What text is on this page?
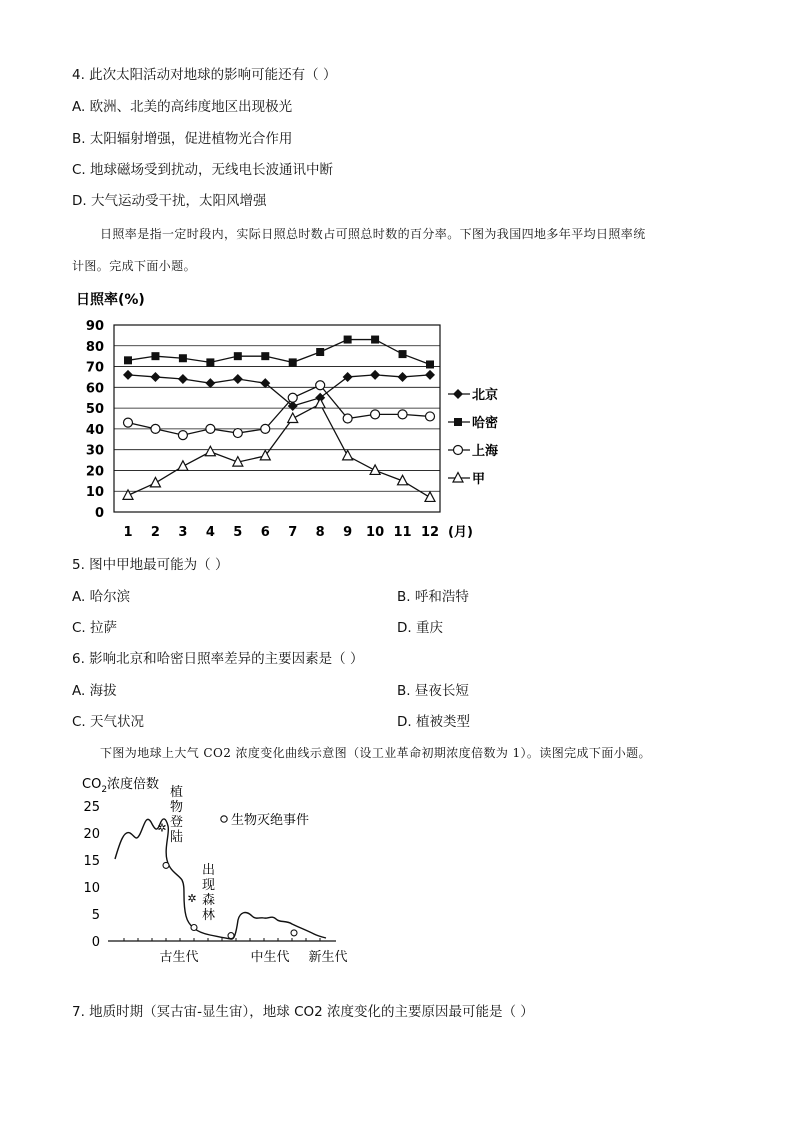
4. 此次太阳活动对地球的影响可能还有（ ）
A. 欧洲、北美的高纬度地区出现极光
B. 太阳辐射增强，促进植物光合作用
C. 地球磁场受到扰动，无线电长波通讯中断
D. 大气运动受干扰，太阳风增强
日照率是指一定时段内，实际日照总时数占可照总时数的百分率。下图为我国四地多年平均日照率统
计图。完成下面小题。
日照率(%)
0
10
20
30
40
50
60
70
80
90
1 2 3 4 5 6 7 8 9 10 11 12 (月)
北京
哈密
上海
甲
5. 图中甲地最可能为（ ）
A. 哈尔滨	B. 呼和浩特
C. 拉萨	D. 重庆
6. 影响北京和哈密日照率差异的主要因素是（ ）
A. 海拔	B. 昼夜长短
C. 天气状况	D. 植被类型
下图为地球上大气 CO2 浓度变化曲线示意图（设工业革命初期浓度倍数为 1）。读图完成下面小题。
$CO_2$浓度倍数
0
5
10
15
20
25
✲
植
物
登
陆
✲
出
现
森
林
生物灭绝事件
古生代	中生代 新生代
7. 地质时期（冥古宙-显生宙），地球 CO2 浓度变化的主要原因最可能是（ ）
